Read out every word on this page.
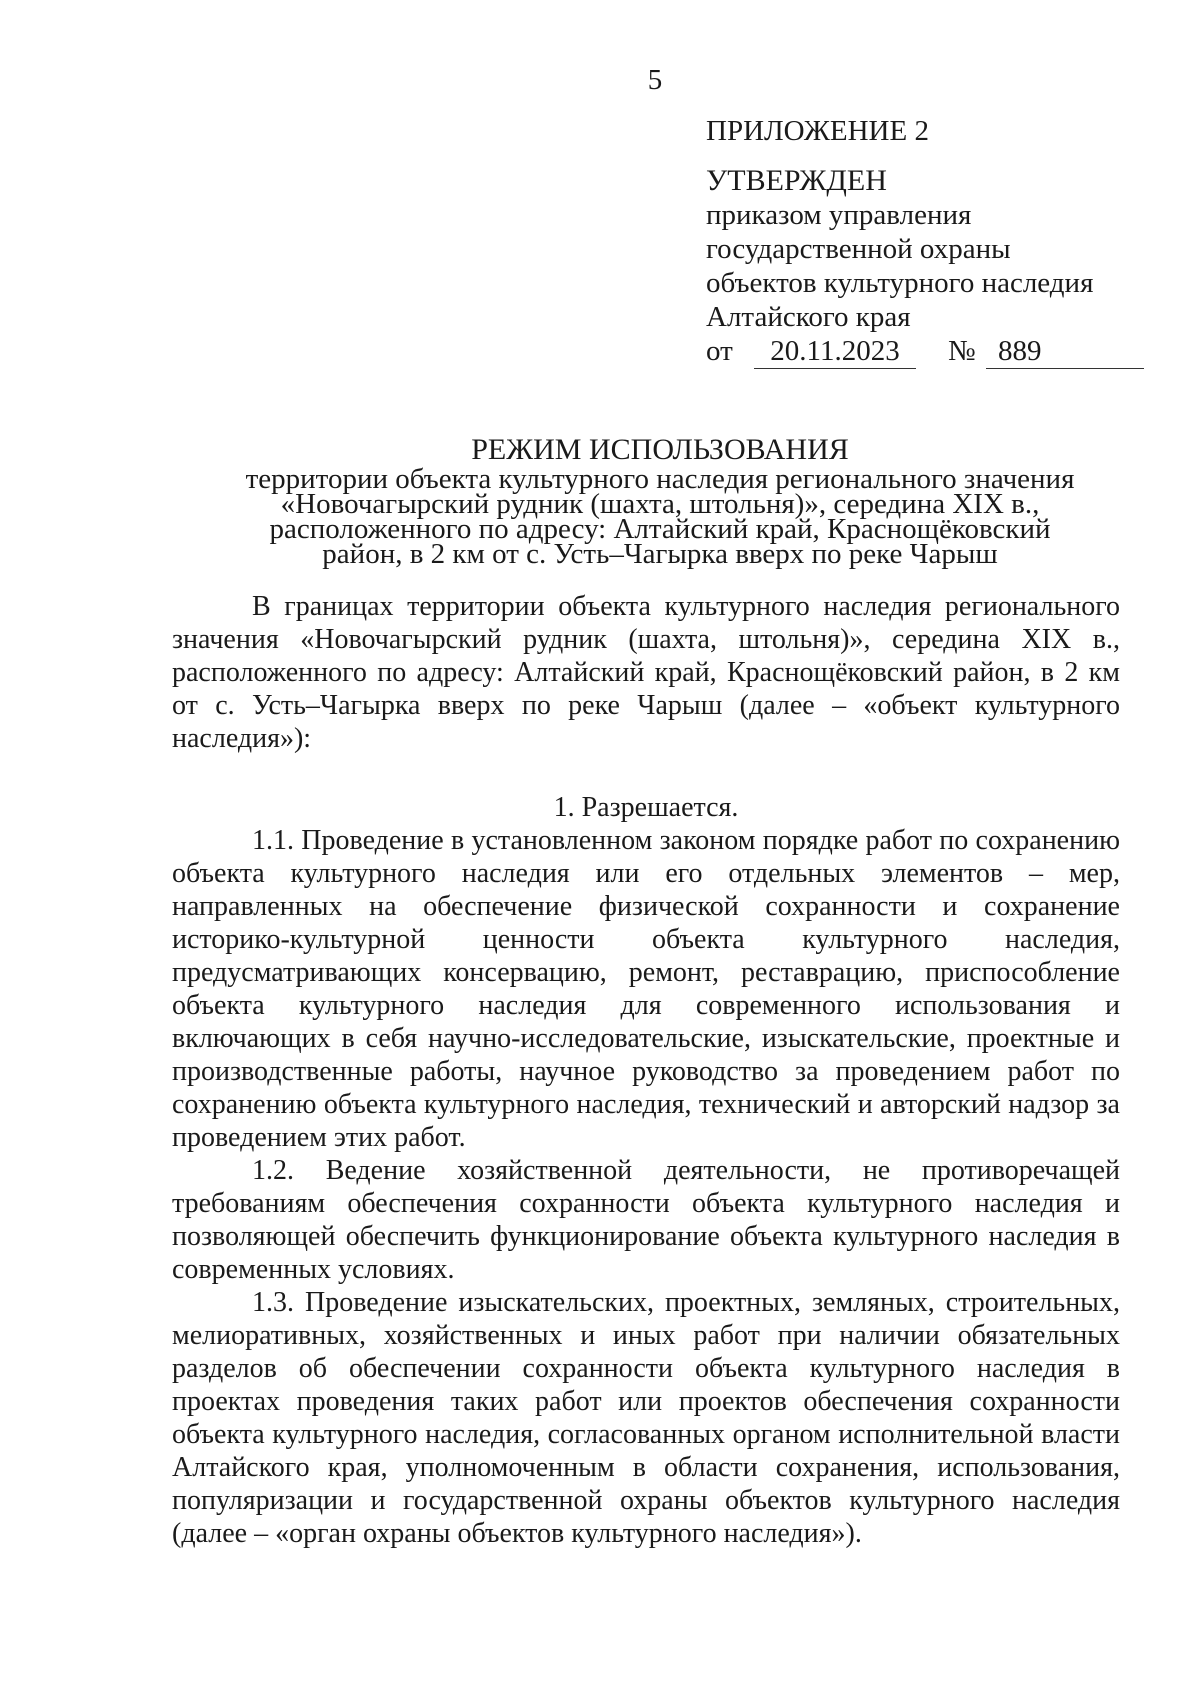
5
ПРИЛОЖЕНИЕ 2
УТВЕРЖДЕН
приказом управления
государственной охраны
объектов культурного наследия
Алтайского края
от	20.11.2023	№ 889
РЕЖИМ ИСПОЛЬЗОВАНИЯ
территории объекта культурного наследия регионального значения
«Новочагырский рудник (шахта, штольня)», середина XIX в.,
расположенного по адресу: Алтайский край, Краснощёковский
район, в 2 км от с. Усть–Чагырка вверх по реке Чарыш

В границах территории объекта культурного наследия регионального значения «Новочагырский рудник (шахта, штольня)», середина XIX в., расположенного по адресу: Алтайский край, Краснощёковский район, в 2 км от с. Усть–Чагырка вверх по реке Чарыш (далее – «объект культурного наследия»):

1. Разрешается.

1.1. Проведение в установленном законом порядке работ по сохранению объекта культурного наследия или его отдельных элементов – мер, направленных на обеспечение физической сохранности и сохранение историко-культурной ценности объекта культурного наследия, предусматривающих консервацию, ремонт, реставрацию, приспособление объекта культурного наследия для современного использования и включающих в себя научно-исследовательские, изыскательские, проектные и производственные работы, научное руководство за проведением работ по сохранению объекта культурного наследия, технический и авторский надзор за проведением этих работ.

1.2. Ведение хозяйственной деятельности, не противоречащей требованиям обеспечения сохранности объекта культурного наследия и позволяющей обеспечить функционирование объекта культурного наследия в современных условиях.

1.3. Проведение изыскательских, проектных, земляных, строительных, мелиоративных, хозяйственных и иных работ при наличии обязательных разделов об обеспечении сохранности объекта культурного наследия в проектах проведения таких работ или проектов обеспечения сохранности объекта культурного наследия, согласованных органом исполнительной власти Алтайского края, уполномоченным в области сохранения, использования, популяризации и государственной охраны объектов культурного наследия (далее – «орган охраны объектов культурного наследия»).
